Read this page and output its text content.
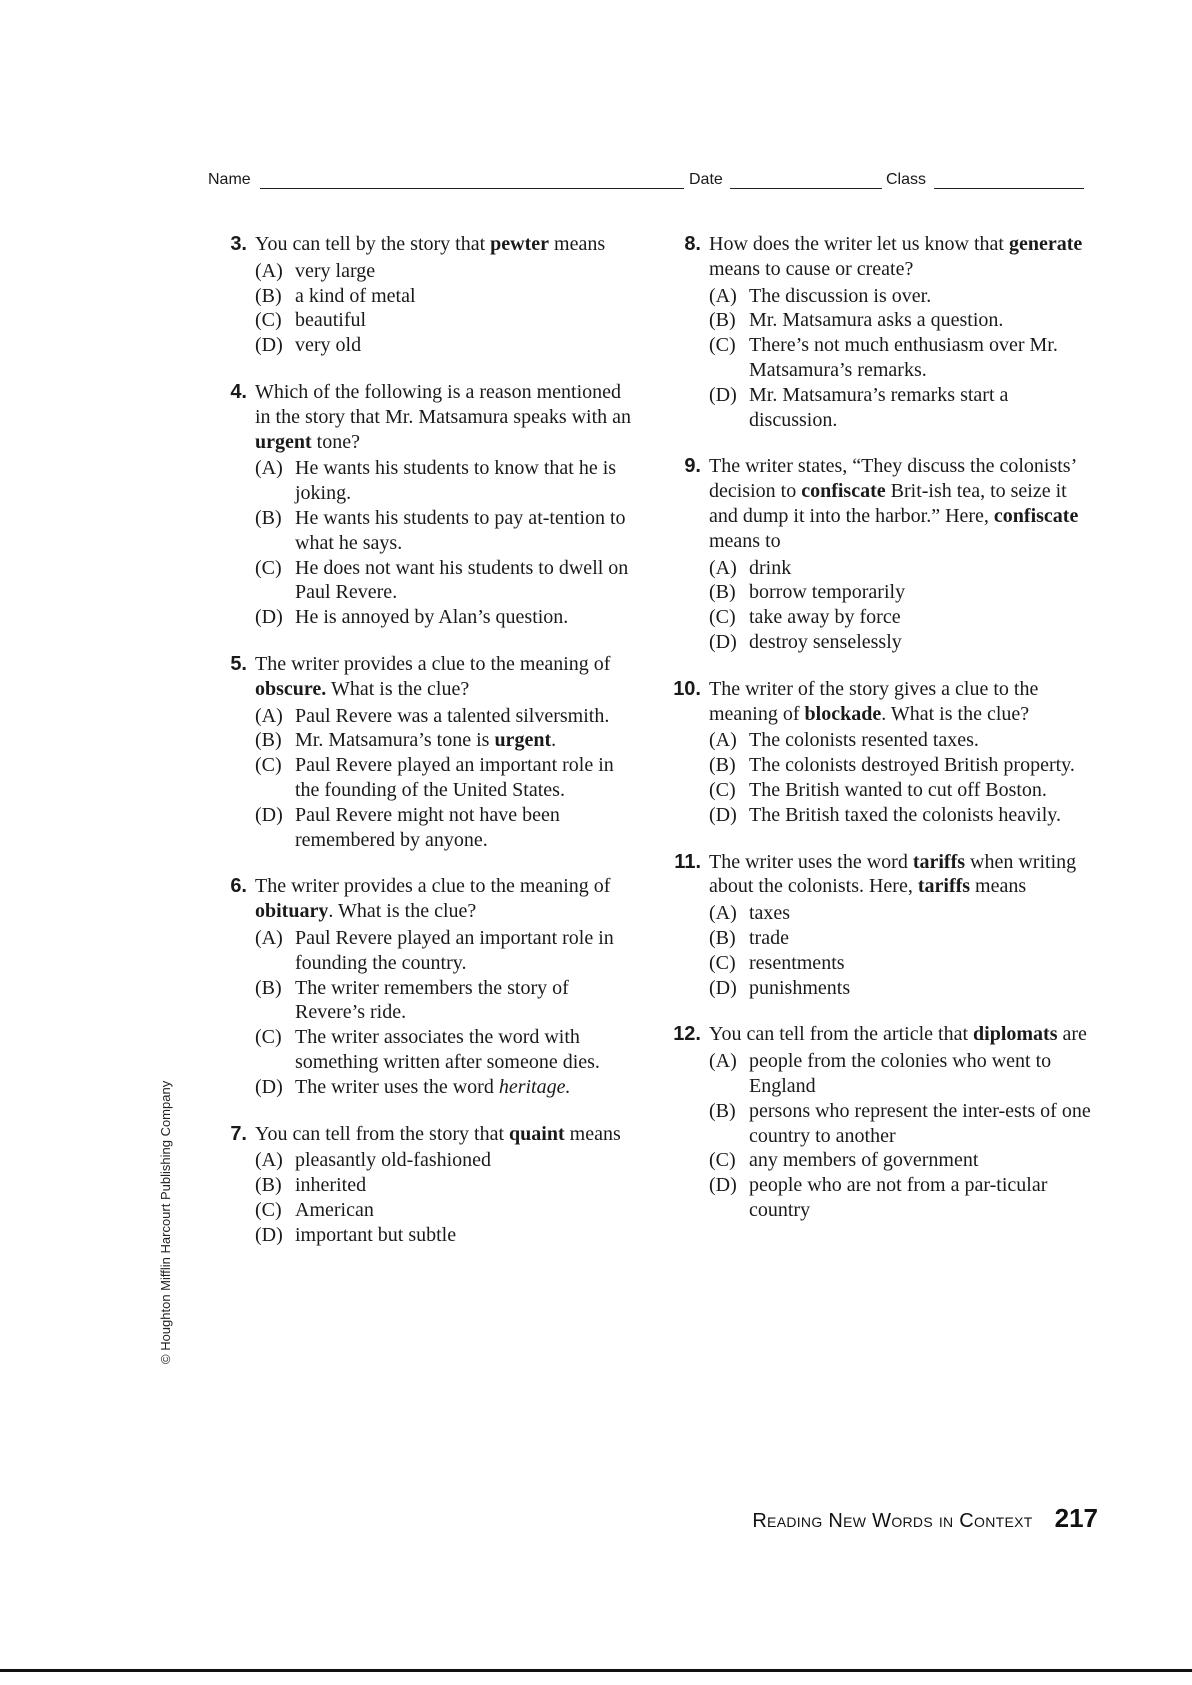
Name	Date	Class
3. You can tell by the story that pewter means

(A) very large
(B) a kind of metal
(C) beautiful
(D) very old
4. Which of the following is a reason mentioned in the story that Mr. Matsamura speaks with an urgent tone?

(A) He wants his students to know that he is joking.
(B) He wants his students to pay at-tention to what he says.
(C) He does not want his students to dwell on Paul Revere.
(D) He is annoyed by Alan’s question.
5. The writer provides a clue to the meaning of obscure. What is the clue?

(A) Paul Revere was a talented silversmith.
(B) Mr. Matsamura’s tone is urgent.
(C) Paul Revere played an important role in the founding of the United States.
(D) Paul Revere might not have been remembered by anyone.
6. The writer provides a clue to the meaning of obituary. What is the clue?

(A) Paul Revere played an important role in founding the country.
(B) The writer remembers the story of Revere’s ride.
(C) The writer associates the word with something written after someone dies.
(D) The writer uses the word heritage.
7. You can tell from the story that quaint means

(A) pleasantly old-fashioned
(B) inherited
(C) American
(D) important but subtle
8. How does the writer let us know that generate means to cause or create?

(A) The discussion is over.
(B) Mr. Matsamura asks a question.
(C) There’s not much enthusiasm over Mr. Matsamura’s remarks.
(D) Mr. Matsamura’s remarks start a discussion.
9. The writer states, “They discuss the colonists’ decision to confiscate Brit-ish tea, to seize it and dump it into the harbor.” Here, confiscate means to

(A) drink
(B) borrow temporarily
(C) take away by force
(D) destroy senselessly
10. The writer of the story gives a clue to the meaning of blockade. What is the clue?

(A) The colonists resented taxes.
(B) The colonists destroyed British property.
(C) The British wanted to cut off Boston.
(D) The British taxed the colonists heavily.
11. The writer uses the word tariffs when writing about the colonists. Here, tariffs means

(A) taxes
(B) trade
(C) resentments
(D) punishments
12. You can tell from the article that diplomats are

(A) people from the colonies who went to England
(B) persons who represent the inter-ests of one country to another
(C) any members of government
(D) people who are not from a par-ticular country
© Houghton Mifflin Harcourt Publishing Company
Reading New Words in Context 217
